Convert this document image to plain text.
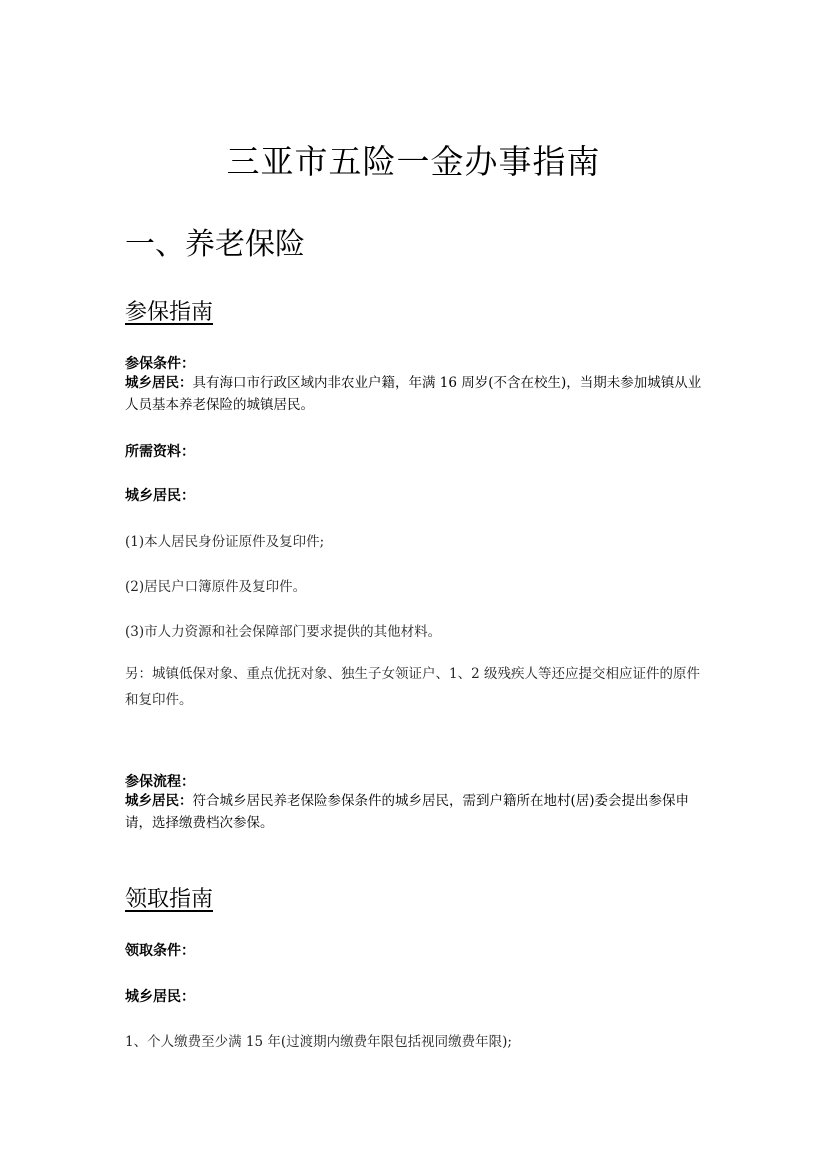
三亚市五险一金办事指南
一、养老保险
参保指南
参保条件：

城乡居民：具有海口市行政区域内非农业户籍，年满 16 周岁(不含在校生)，当期未参加城镇从业人员基本养老保险的城镇居民。

所需资料：
城乡居民：
(1)本人居民身份证原件及复印件;
(2)居民户口簿原件及复印件。
(3)市人力资源和社会保障部门要求提供的其他材料。

另：城镇低保对象、重点优抚对象、独生子女领证户、1、2 级残疾人等还应提交相应证件的原件和复印件。

参保流程：

城乡居民：符合城乡居民养老保险参保条件的城乡居民，需到户籍所在地村(居)委会提出参保申请，选择缴费档次参保。

领取指南
领取条件：
城乡居民：
1、个人缴费至少满 15 年(过渡期内缴费年限包括视同缴费年限);
